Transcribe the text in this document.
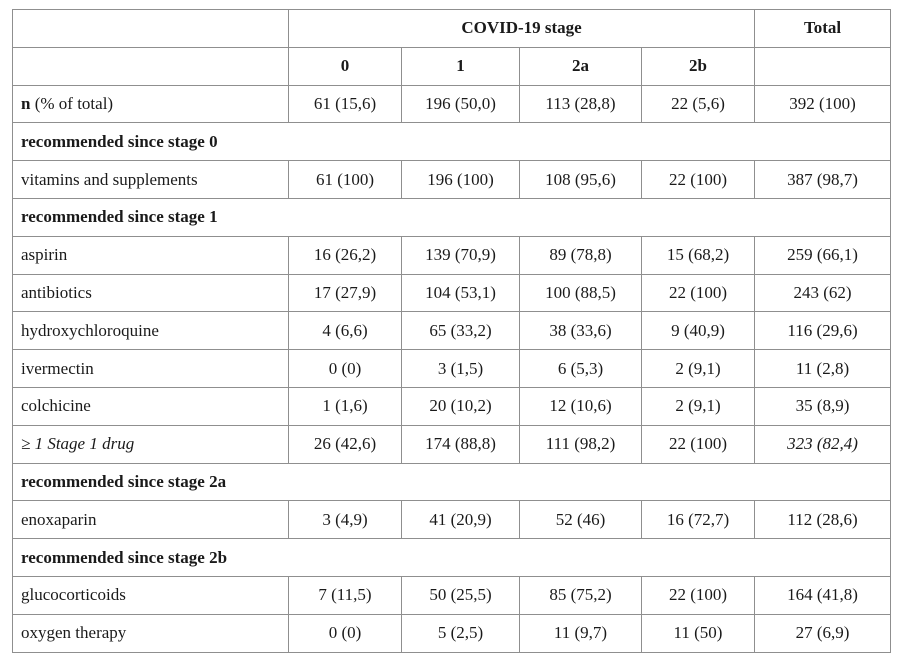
	COVID-19 stage				Total
	0	1	2a	2b	
n (% of total)	61 (15,6)	196 (50,0)	113 (28,8)	22 (5,6)	392 (100)
recommended since stage 0					
vitamins and supplements	61 (100)	196 (100)	108 (95,6)	22 (100)	387 (98,7)
recommended since stage 1					
aspirin	16 (26,2)	139 (70,9)	89 (78,8)	15 (68,2)	259 (66,1)
antibiotics	17 (27,9)	104 (53,1)	100 (88,5)	22 (100)	243 (62)
hydroxychloroquine	4 (6,6)	65 (33,2)	38 (33,6)	9 (40,9)	116 (29,6)
ivermectin	0 (0)	3 (1,5)	6 (5,3)	2 (9,1)	11 (2,8)
colchicine	1 (1,6)	20 (10,2)	12 (10,6)	2 (9,1)	35 (8,9)
≥ 1 Stage 1 drug	26 (42,6)	174 (88,8)	111 (98,2)	22 (100)	323 (82,4)
recommended since stage 2a					
enoxaparin	3 (4,9)	41 (20,9)	52 (46)	16 (72,7)	112 (28,6)
recommended since stage 2b					
glucocorticoids	7 (11,5)	50 (25,5)	85 (75,2)	22 (100)	164 (41,8)
oxygen therapy	0 (0)	5 (2,5)	11 (9,7)	11 (50)	27 (6,9)
